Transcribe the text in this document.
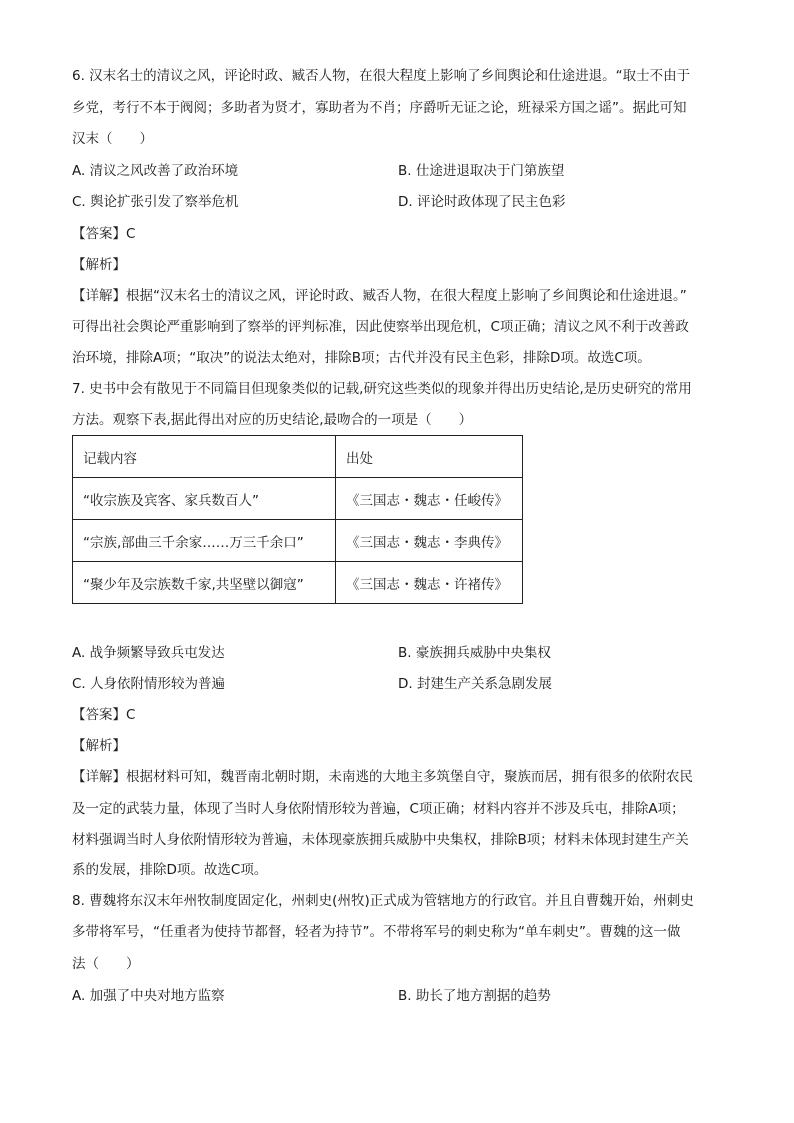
6. 汉末名士的清议之风，评论时政、臧否人物，在很大程度上影响了乡间舆论和仕途进退。“取士不由于
乡党，考行不本于阀阅；多助者为贤才，寡助者为不肖；序爵听无证之论，班禄采方国之谣”。据此可知
汉末（　　）
A. 清议之风改善了政治环境	B. 仕途进退取决于门第族望
C. 舆论扩张引发了察举危机	D. 评论时政体现了民主色彩
【答案】C
【解析】
【详解】根据“汉末名士的清议之风，评论时政、臧否人物，在很大程度上影响了乡间舆论和仕途进退。”
可得出社会舆论严重影响到了察举的评判标准，因此使察举出现危机，C项正确；清议之风不利于改善政
治环境，排除A项；“取决”的说法太绝对，排除B项；古代并没有民主色彩，排除D项。故选C项。
7. 史书中会有散见于不同篇目但现象类似的记载,研究这些类似的现象并得出历史结论,是历史研究的常用
方法。观察下表,据此得出对应的历史结论,最吻合的一项是（　　）
记载内容	出处
“收宗族及宾客、家兵数百人”	《三国志・魏志・任峻传》
“宗族,部曲三千余家……万三千余口”	《三国志・魏志・李典传》
“聚少年及宗族数千家,共坚壁以御寇”	《三国志・魏志・许褚传》
A. 战争频繁导致兵屯发达	B. 豪族拥兵威胁中央集权
C. 人身依附情形较为普遍	D. 封建生产关系急剧发展
【答案】C
【解析】
【详解】根据材料可知，魏晋南北朝时期，未南逃的大地主多筑堡自守，聚族而居，拥有很多的依附农民
及一定的武装力量，体现了当时人身依附情形较为普遍，C项正确；材料内容并不涉及兵屯，排除A项；
材料强调当时人身依附情形较为普遍，未体现豪族拥兵威胁中央集权，排除B项；材料未体现封建生产关
系的发展，排除D项。故选C项。
8. 曹魏将东汉末年州牧制度固定化，州刺史(州牧)正式成为管辖地方的行政官。并且自曹魏开始，州刺史
多带将军号，“任重者为使持节都督，轻者为持节”。不带将军号的刺史称为“单车刺史”。曹魏的这一做
法（　　）
A. 加强了中央对地方监察	B. 助长了地方割据的趋势
